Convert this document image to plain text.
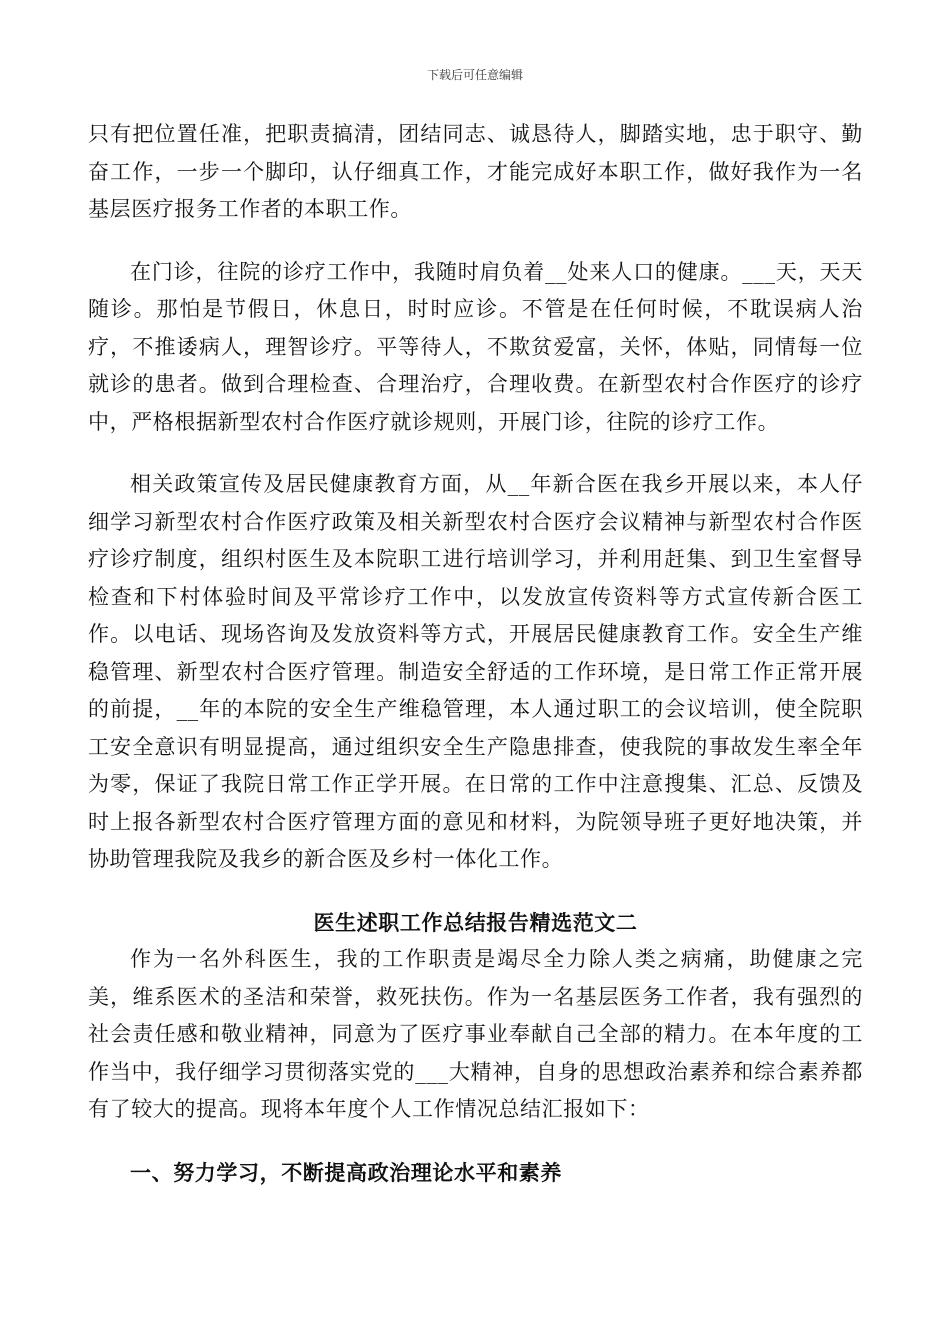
下载后可任意编辑

只有把位置任准，把职责搞清，团结同志、诚恳待人，脚踏实地，忠于职守、勤奋工作，一步一个脚印，认仔细真工作，才能完成好本职工作，做好我作为一名基层医疗报务工作者的本职工作。

在门诊，往院的诊疗工作中，我随时肩负着__处来人口的健康。___天，天天随诊。那怕是节假日，休息日，时时应诊。不管是在任何时候，不耽误病人治疗，不推诿病人，理智诊疗。平等待人，不欺贫爱富，关怀，体贴，同情每一位就诊的患者。做到合理检查、合理治疗，合理收费。在新型农村合作医疗的诊疗中，严格根据新型农村合作医疗就诊规则，开展门诊，往院的诊疗工作。

相关政策宣传及居民健康教育方面，从__年新合医在我乡开展以来，本人仔细学习新型农村合作医疗政策及相关新型农村合医疗会议精神与新型农村合作医疗诊疗制度，组织村医生及本院职工进行培训学习，并利用赶集、到卫生室督导检查和下村体验时间及平常诊疗工作中，以发放宣传资料等方式宣传新合医工作。以电话、现场咨询及发放资料等方式，开展居民健康教育工作。安全生产维稳管理、新型农村合医疗管理。制造安全舒适的工作环境，是日常工作正常开展的前提，__年的本院的安全生产维稳管理，本人通过职工的会议培训，使全院职工安全意识有明显提高，通过组织安全生产隐患排查，使我院的事故发生率全年为零，保证了我院日常工作正学开展。在日常的工作中注意搜集、汇总、反馈及时上报各新型农村合医疗管理方面的意见和材料，为院领导班子更好地决策，并协助管理我院及我乡的新合医及乡村一体化工作。

医生述职工作总结报告精选范文二

作为一名外科医生，我的工作职责是竭尽全力除人类之病痛，助健康之完美，维系医术的圣洁和荣誉，救死扶伤。作为一名基层医务工作者，我有强烈的社会责任感和敬业精神，同意为了医疗事业奉献自己全部的精力。在本年度的工作当中，我仔细学习贯彻落实党的___大精神，自身的思想政治素养和综合素养都有了较大的提高。现将本年度个人工作情况总结汇报如下：

一、努力学习，不断提高政治理论水平和素养
